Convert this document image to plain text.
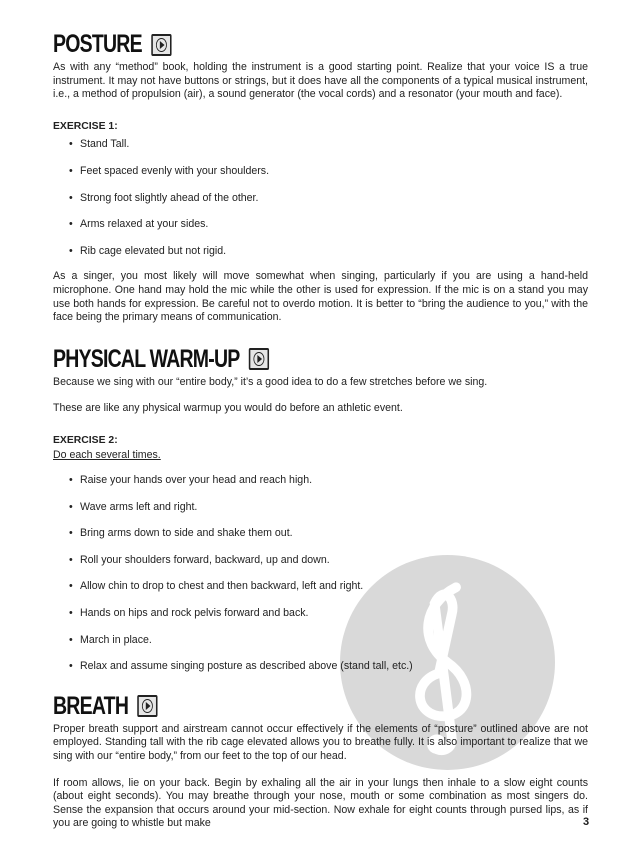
POSTURE

As with any “method” book, holding the instrument is a good starting point. Realize that your voice IS a true instrument. It may not have buttons or strings, but it does have all the components of a typical musical instrument, i.e., a method of propulsion (air), a sound generator (the vocal cords) and a resonator (your mouth and face).

EXERCISE 1:

• Stand Tall.
• Feet spaced evenly with your shoulders.
• Strong foot slightly ahead of the other.
• Arms relaxed at your sides.
• Rib cage elevated but not rigid.

As a singer, you most likely will move somewhat when singing, particularly if you are using a hand-held microphone. One hand may hold the mic while the other is used for expression. If the mic is on a stand you may use both hands for expression. Be careful not to overdo motion. It is better to “bring the audience to you,” with the face being the primary means of communication.

PHYSICAL WARM-UP

Because we sing with our “entire body,” it’s a good idea to do a few stretches before we sing.

These are like any physical warmup you would do before an athletic event.

EXERCISE 2:

Do each several times.

• Raise your hands over your head and reach high.
• Wave arms left and right.
• Bring arms down to side and shake them out.
• Roll your shoulders forward, backward, up and down.
• Allow chin to drop to chest and then backward, left and right.
• Hands on hips and rock pelvis forward and back.
• March in place.
• Relax and assume singing posture as described above (stand tall, etc.)
BREATH

Proper breath support and airstream cannot occur effectively if the elements of “posture” outlined above are not employed. Standing tall with the rib cage elevated allows you to breathe fully. It is also important to realize that we sing with our “entire body,” from our feet to the top of our head.

If room allows, lie on your back. Begin by exhaling all the air in your lungs then inhale to a slow eight counts (about eight seconds). You may breathe through your nose, mouth or some combination as most singers do. Sense the expansion that occurs around your mid-section. Now exhale for eight counts through pursed lips, as if you are going to whistle but make	3
